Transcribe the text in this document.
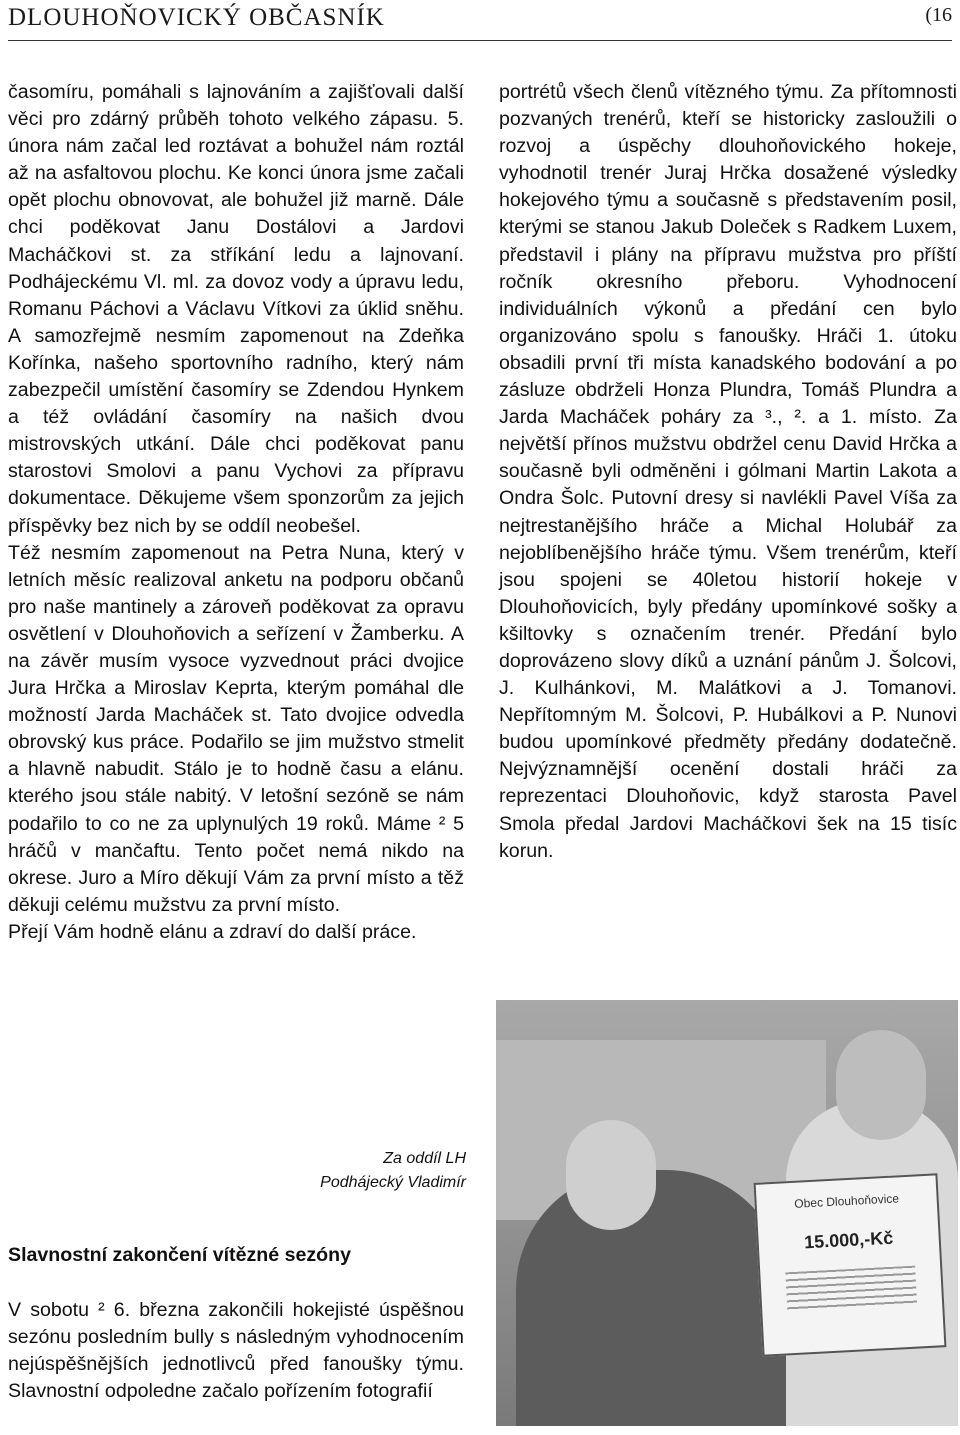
DLOUHOŇOVICKÝ OBČASNÍK	(16

časomíru, pomáhali s lajnováním a zajišťovali další věci pro zdárný průběh tohoto velkého zápasu. 5. února nám začal led roztávat a bohužel nám roztál až na asfaltovou plochu. Ke konci února jsme začali opět plochu obnovovat, ale bohužel již marně. Dále chci poděkovat Janu Dostálovi a Jardovi Macháčkovi st. za stříkání ledu a lajnovaní. Podhájeckému Vl. ml. za dovoz vody a úpravu ledu, Romanu Páchovi a Václavu Vítkovi za úklid sněhu. A samozřejmě nesmím zapomenout na Zdeňka Kořínka, našeho sportovního radního, který nám zabezpečil umístění časomíry se Zdendou Hynkem a též ovládání časomíry na našich dvou mistrovských utkání. Dále chci poděkovat panu starostovi Smolovi a panu Vychovi za přípravu dokumentace. Děkujeme všem sponzorům za jejich příspěvky bez nich by se oddíl neobešel.

Též nesmím zapomenout na Petra Nuna, který v letních měsíc realizoval anketu na podporu občanů pro naše mantinely a zároveň poděkovat za opravu osvětlení v Dlouhoňovich a seřízení v Žamberku. A na závěr musím vysoce vyzvednout práci dvojice Jura Hrčka a Miroslav Keprta, kterým pomáhal dle možností Jarda Macháček st. Tato dvojice odvedla obrovský kus práce. Podařilo se jim mužstvo stmelit a hlavně nabudit. Stálo je to hodně času a elánu. kterého jsou stále nabitý. V letošní sezóně se nám podařilo to co ne za uplynulých 19 roků. Máme ² 5 hráčů v mančaftu. Tento počet nemá nikdo na okrese. Juro a Míro děkují Vám za první místo a těž děkuji celému mužstvu za první místo.

Přejí Vám hodně elánu a zdraví do další práce.

Za oddíl LH
Podhájecký Vladimír
Slavnostní zakončení vítězné sezóny

V sobotu ² 6. března zakončili hokejisté úspěšnou sezónu posledním bully s následným vyhodnocením nejúspěšnějších jednotlivců před fanoušky týmu. Slavnostní odpoledne začalo pořízením fotografií

portrétů všech členů vítězného týmu. Za přítomnosti pozvaných trenérů, kteří se historicky zasloužili o rozvoj a úspěchy dlouhoňovického hokeje, vyhodnotil trenér Juraj Hrčka dosažené výsledky hokejového týmu a současně s představením posil, kterými se stanou Jakub Doleček s Radkem Luxem, představil i plány na přípravu mužstva pro příští ročník okresního přeboru. Vyhodnocení individuálních výkonů a předání cen bylo organizováno spolu s fanoušky. Hráči 1. útoku obsadili první tři místa kanadského bodování a po zásluze obdrželi Honza Plundra, Tomáš Plundra a Jarda Macháček poháry za ³., ². a 1. místo. Za největší přínos mužstvu obdržel cenu David Hrčka a současně byli odměněni i gólmani Martin Lakota a Ondra Šolc. Putovní dresy si navlékli Pavel Víša za nejtrestanějšího hráče a Michal Holubář za nejoblíbenějšího hráče týmu. Všem trenérům, kteří jsou spojeni se 40letou historií hokeje v Dlouhoňovicích, byly předány upomínkové sošky a kšiltovky s označením trenér. Předání bylo doprovázeno slovy díků a uznání pánům J. Šolcovi, J. Kulhánkovi, M. Malátkovi a J. Tomanovi. Nepřítomným M. Šolcovi, P. Hubálkovi a P. Nunovi budou upomínkové předměty předány dodatečně. Nejvýznamnější ocenění dostali hráči za reprezentaci Dlouhoňovic, když starosta Pavel Smola předal Jardovi Macháčkovi šek na 15 tisíc korun.

Obec Dlouhoňovice
15.000,-Kč
